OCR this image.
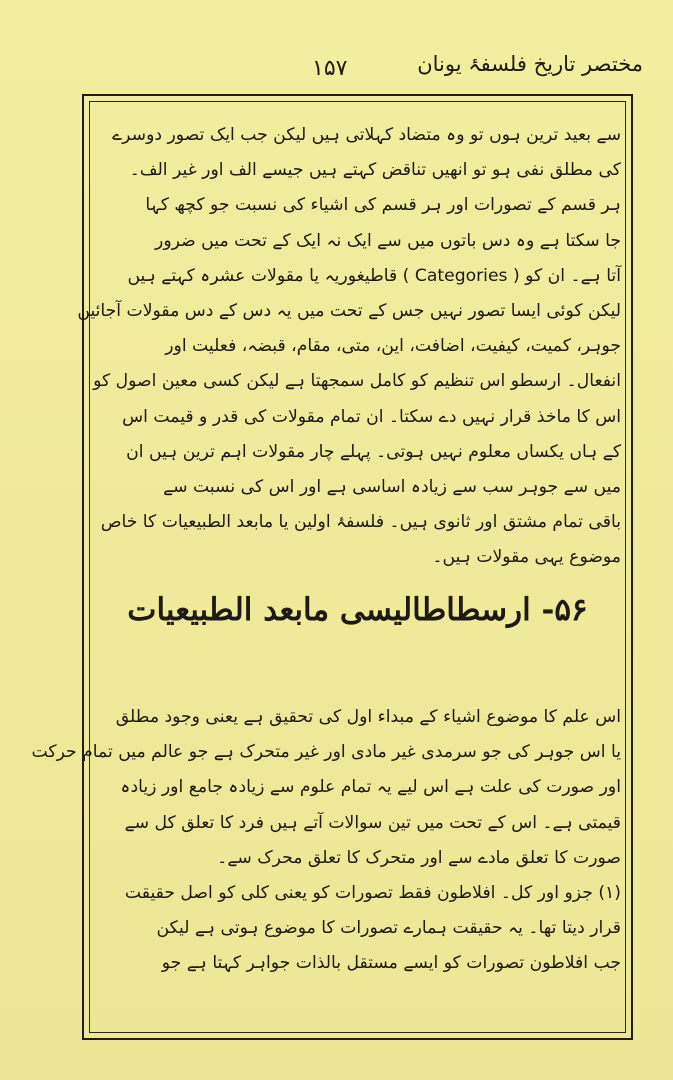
مختصر تاریخ فلسفۂ یونان
۱۵۷
سے بعید ترین ہوں تو وہ متضاد کہلاتی ہیں لیکن جب ایک تصور دوسرے
کی مطلق نفی ہو تو انھیں تناقض کہتے ہیں جیسے الف اور غیر الف۔
ہر قسم کے تصورات اور ہر قسم کی اشیاء کی نسبت جو کچھ کہا
جا سکتا ہے وہ دس باتوں میں سے ایک نہ ایک کے تحت میں ضرور
آتا ہے۔ ان کو ( Categories ) قاطیغوریہ یا مقولات عشرہ کہتے ہیں
لیکن کوئی ایسا تصور نہیں جس کے تحت میں یہ دس کے دس مقولات آجائیں
جوہر، کمیت، کیفیت، اضافت، این، متی، مقام، قبضہ، فعلیت اور
انفعال۔ ارسطو اس تنظیم کو کامل سمجھتا ہے لیکن کسی معین اصول کو
اس کا ماخذ قرار نہیں دے سکتا۔ ان تمام مقولات کی قدر و قیمت اس
کے ہاں یکساں معلوم نہیں ہوتی۔ پہلے چار مقولات اہم ترین ہیں ان
میں سے جوہر سب سے زیادہ اساسی ہے اور اس کی نسبت سے
باقی تمام مشتق اور ثانوی ہیں۔ فلسفۂ اولین یا مابعد الطبیعیات کا خاص
موضوع یہی مقولات ہیں۔
۵۶- ارسطاطالیسی مابعد الطبیعیات
اس علم کا موضوع اشیاء کے مبداء اول کی تحقیق ہے یعنی وجود مطلق
یا اس جوہر کی جو سرمدی غیر مادی اور غیر متحرک ہے جو عالم میں تمام حرکت
اور صورت کی علت ہے اس لیے یہ تمام علوم سے زیادہ جامع اور زیادہ
قیمتی ہے۔ اس کے تحت میں تین سوالات آتے ہیں فرد کا تعلق کل سے
صورت کا تعلق مادے سے اور متحرک کا تعلق محرک سے۔
(۱) جزو اور کل۔ افلاطون فقط تصورات کو یعنی کلی کو اصل حقیقت
قرار دیتا تھا۔ یہ حقیقت ہمارے تصورات کا موضوع ہوتی ہے لیکن
جب افلاطون تصورات کو ایسے مستقل بالذات جواہر کہتا ہے جو
